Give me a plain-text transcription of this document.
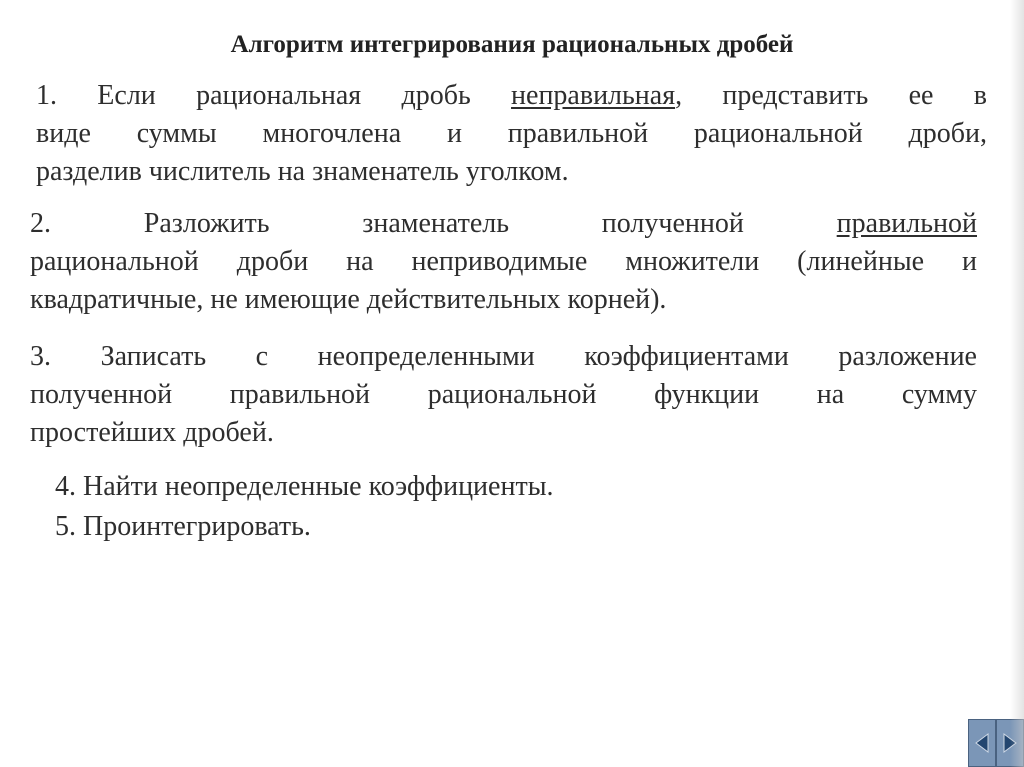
Алгоритм интегрирования рациональных дробей

1. Если рациональная дробь неправильная, представить ее в

виде суммы многочлена и правильной рациональной дроби,

разделив числитель на знаменатель уголком.

2. Разложить знаменатель полученной правильной

рациональной дроби на неприводимые множители (линейные и

квадратичные, не имеющие действительных корней).

3. Записать с неопределенными коэффициентами разложение

полученной правильной рациональной функции на сумму

простейших дробей.

4. Найти неопределенные коэффициенты.
5. Проинтегрировать.
